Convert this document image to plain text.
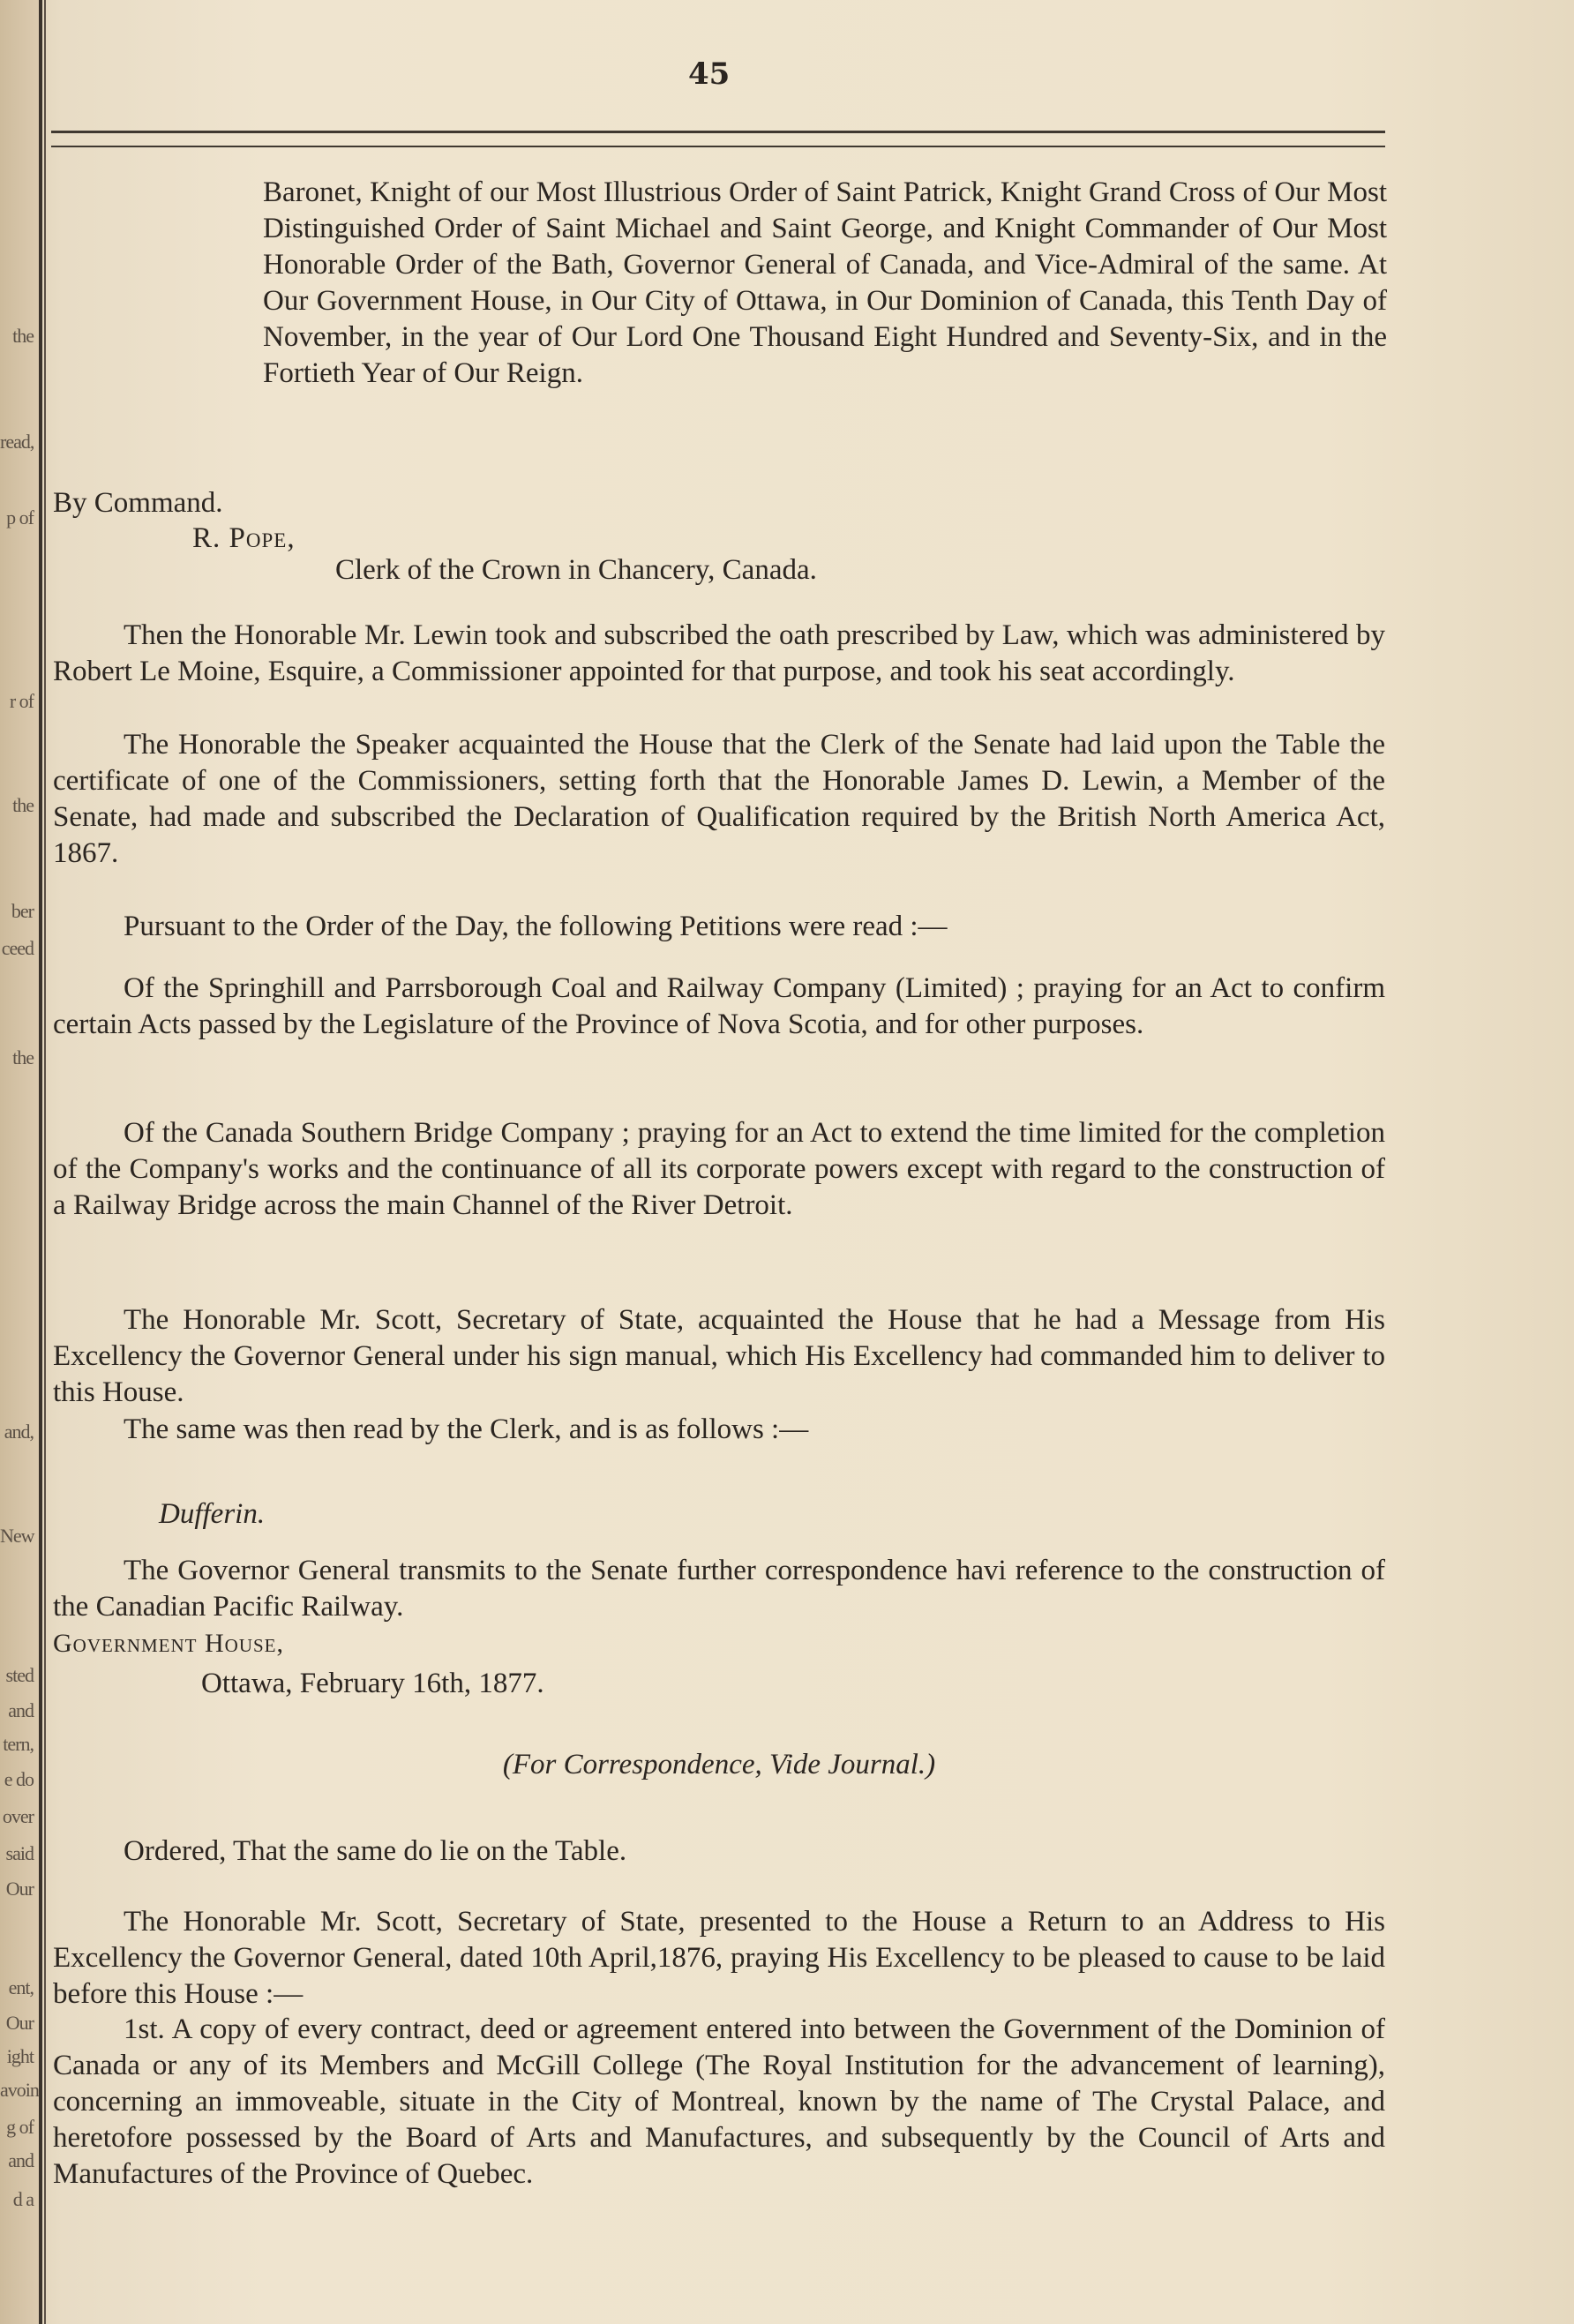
the
read,
p of
r of
the
ber
ceed
the
and,
New
sted
and
tern,
e do
over
said
Our
ent,
Our
ight
avoin
g of
and
d a
45
Baronet, Knight of our Most Illustrious Order of Saint Patrick, Knight Grand Cross of Our Most Distinguished Order of Saint Michael and Saint George, and Knight Commander of Our Most Honorable Order of the Bath, Governor General of Canada, and Vice-Admiral of the same. At Our Government House, in Our City of Ottawa, in Our Dominion of Canada, this Tenth Day of November, in the year of Our Lord One Thousand Eight Hundred and Seventy-Six, and in the Fortieth Year of Our Reign.
By Command.
R. Pope,
Clerk of the Crown in Chancery, Canada.
Then the Honorable Mr. Lewin took and subscribed the oath prescribed by Law, which was administered by Robert Le Moine, Esquire, a Commissioner appointed for that purpose, and took his seat accordingly.
The Honorable the Speaker acquainted the House that the Clerk of the Senate had laid upon the Table the certificate of one of the Commissioners, setting forth that the Honorable James D. Lewin, a Member of the Senate, had made and subscribed the Declaration of Qualification required by the British North America Act, 1867.
Pursuant to the Order of the Day, the following Petitions were read :—
Of the Springhill and Parrsborough Coal and Railway Company (Limited) ; praying for an Act to confirm certain Acts passed by the Legislature of the Province of Nova Scotia, and for other purposes.
Of the Canada Southern Bridge Company ; praying for an Act to extend the time limited for the completion of the Company's works and the continuance of all its corporate powers except with regard to the construction of a Railway Bridge across the main Channel of the River Detroit.
The Honorable Mr. Scott, Secretary of State, acquainted the House that he had a Message from His Excellency the Governor General under his sign manual, which His Excellency had commanded him to deliver to this House.
The same was then read by the Clerk, and is as follows :—
Dufferin.
The Governor General transmits to the Senate further correspondence havi reference to the construction of the Canadian Pacific Railway.
Government House,
Ottawa, February 16th, 1877.
(For Correspondence, Vide Journal.)
Ordered, That the same do lie on the Table.
The Honorable Mr. Scott, Secretary of State, presented to the House a Return to an Address to His Excellency the Governor General, dated 10th April,1876, praying His Excellency to be pleased to cause to be laid before this House :—
1st. A copy of every contract, deed or agreement entered into between the Government of the Dominion of Canada or any of its Members and McGill College (The Royal Institution for the advancement of learning), concerning an immoveable, situate in the City of Montreal, known by the name of The Crystal Palace, and heretofore possessed by the Board of Arts and Manufactures, and subsequently by the Council of Arts and Manufactures of the Province of Quebec.
